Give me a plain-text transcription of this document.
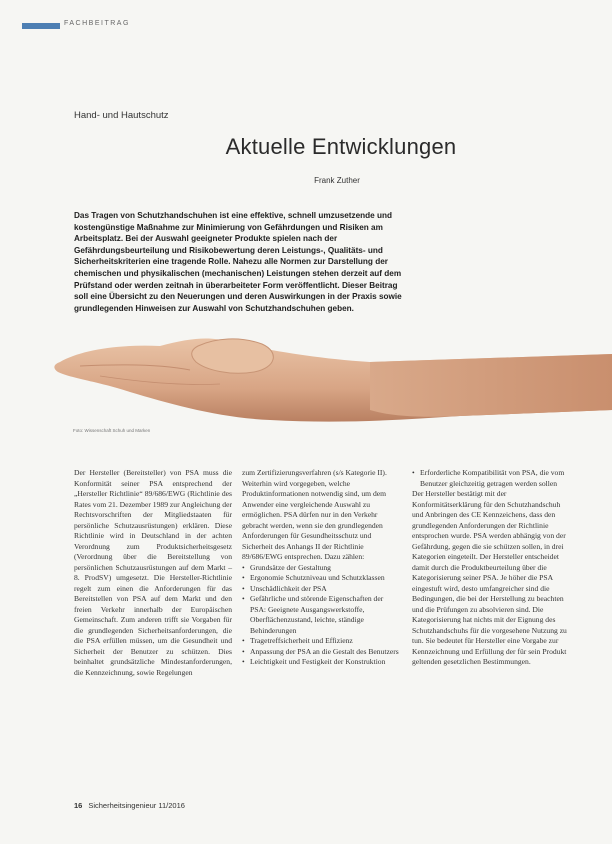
FACHBEITRAG
Hand- und Hautschutz
Aktuelle Entwicklungen
Frank Zuther
Das Tragen von Schutzhandschuhen ist eine effektive, schnell umzusetzende und kostengünstige Maßnahme zur Minimierung von Gefährdungen und Risiken am Arbeitsplatz. Bei der Auswahl geeigneter Produkte spielen nach der Gefährdungsbeurteilung und Risikobewertung deren Leistungs-, Qualitäts- und Sicherheitskriterien eine tragende Rolle. Nahezu alle Normen zur Darstellung der chemischen und physikalischen (mechanischen) Leistungen stehen derzeit auf dem Prüfstand oder werden zeitnah in überarbeiteter Form veröffentlicht. Dieser Beitrag soll eine Übersicht zu den Neuerungen und deren Auswirkungen in der Praxis sowie grundlegenden Hinweisen zur Auswahl von Schutzhandschuhen geben.
Foto: Wissenschaft Schuh und Marken

Der Hersteller (Bereitsteller) von PSA muss die Konformität seiner PSA entsprechend der „Hersteller Richtlinie“ 89/686/EWG (Richtlinie des Rates vom 21. Dezember 1989 zur Angleichung der Rechtsvorschriften der Mitgliedstaaten für persönliche Schutzausrüstungen) erklären. Diese Richtlinie wird in Deutschland in der achten Verordnung zum Produktsicherheitsgesetz (Verordnung über die Bereitstellung von persönlichen Schutzausrüstungen auf dem Markt – 8. ProdSV) umgesetzt. Die Hersteller-Richtlinie regelt zum einen die Anforderungen für das Bereitstellen von PSA auf dem Markt und den freien Verkehr innerhalb der Europäischen Gemeinschaft. Zum anderen trifft sie Vorgaben für die grundlegenden Sicherheitsanforderungen, die die PSA erfüllen müssen, um die Gesundheit und Sicherheit der Benutzer zu schützen. Dies beinhaltet grundsätzliche Mindestanforderungen, die Kennzeichnung, sowie Regelungen

zum Zertifizierungsverfahren (s/s Kategorie II). Weiterhin wird vorgegeben, welche Produktinformationen notwendig sind, um dem Anwender eine vergleichende Auswahl zu ermöglichen. PSA dürfen nur in den Verkehr gebracht werden, wenn sie den grundlegenden Anforderungen für Gesundheitsschutz und Sicherheit des Anhangs II der Richtlinie 89/686/EWG entsprechen. Dazu zählen:

• Grundsätze der Gestaltung
• Ergonomie Schutzniveau und Schutzklassen
• Unschädlichkeit der PSA
• Gefährliche und störende Eigenschaften der PSA: Geeignete Ausgangswerkstoffe, Oberflächenzustand, leichte, ständige Behinderungen
• Tragetreffsicherheit und Effizienz
• Anpassung der PSA an die Gestalt des Benutzers
• Leichtigkeit und Festigkeit der Konstruktion
• Erforderliche Kompatibilität von PSA, die vom Benutzer gleichzeitig getragen werden sollen

Der Hersteller bestätigt mit der Konformitätserklärung für den Schutzhandschuh und Anbringen des CE Kennzeichens, dass den grundlegenden Anforderungen der Richtlinie entsprochen wurde. PSA werden abhängig von der Gefährdung, gegen die sie schützen sollen, in drei Kategorien eingeteilt. Der Hersteller entscheidet damit durch die Produktbeurteilung über die Kategorisierung seiner PSA. Je höher die PSA eingestuft wird, desto umfangreicher sind die Bedingungen, die bei der Herstellung zu beachten und die Prüfungen zu absolvieren sind. Die Kategorisierung hat nichts mit der Eignung des Schutzhandschuhs für die vorgesehene Nutzung zu tun. Sie bedeutet für Hersteller eine Vorgabe zur Kennzeichnung und Erfüllung der für sein Produkt geltenden gesetzlichen Bestimmungen.

16 Sicherheitsingenieur 11/2016
